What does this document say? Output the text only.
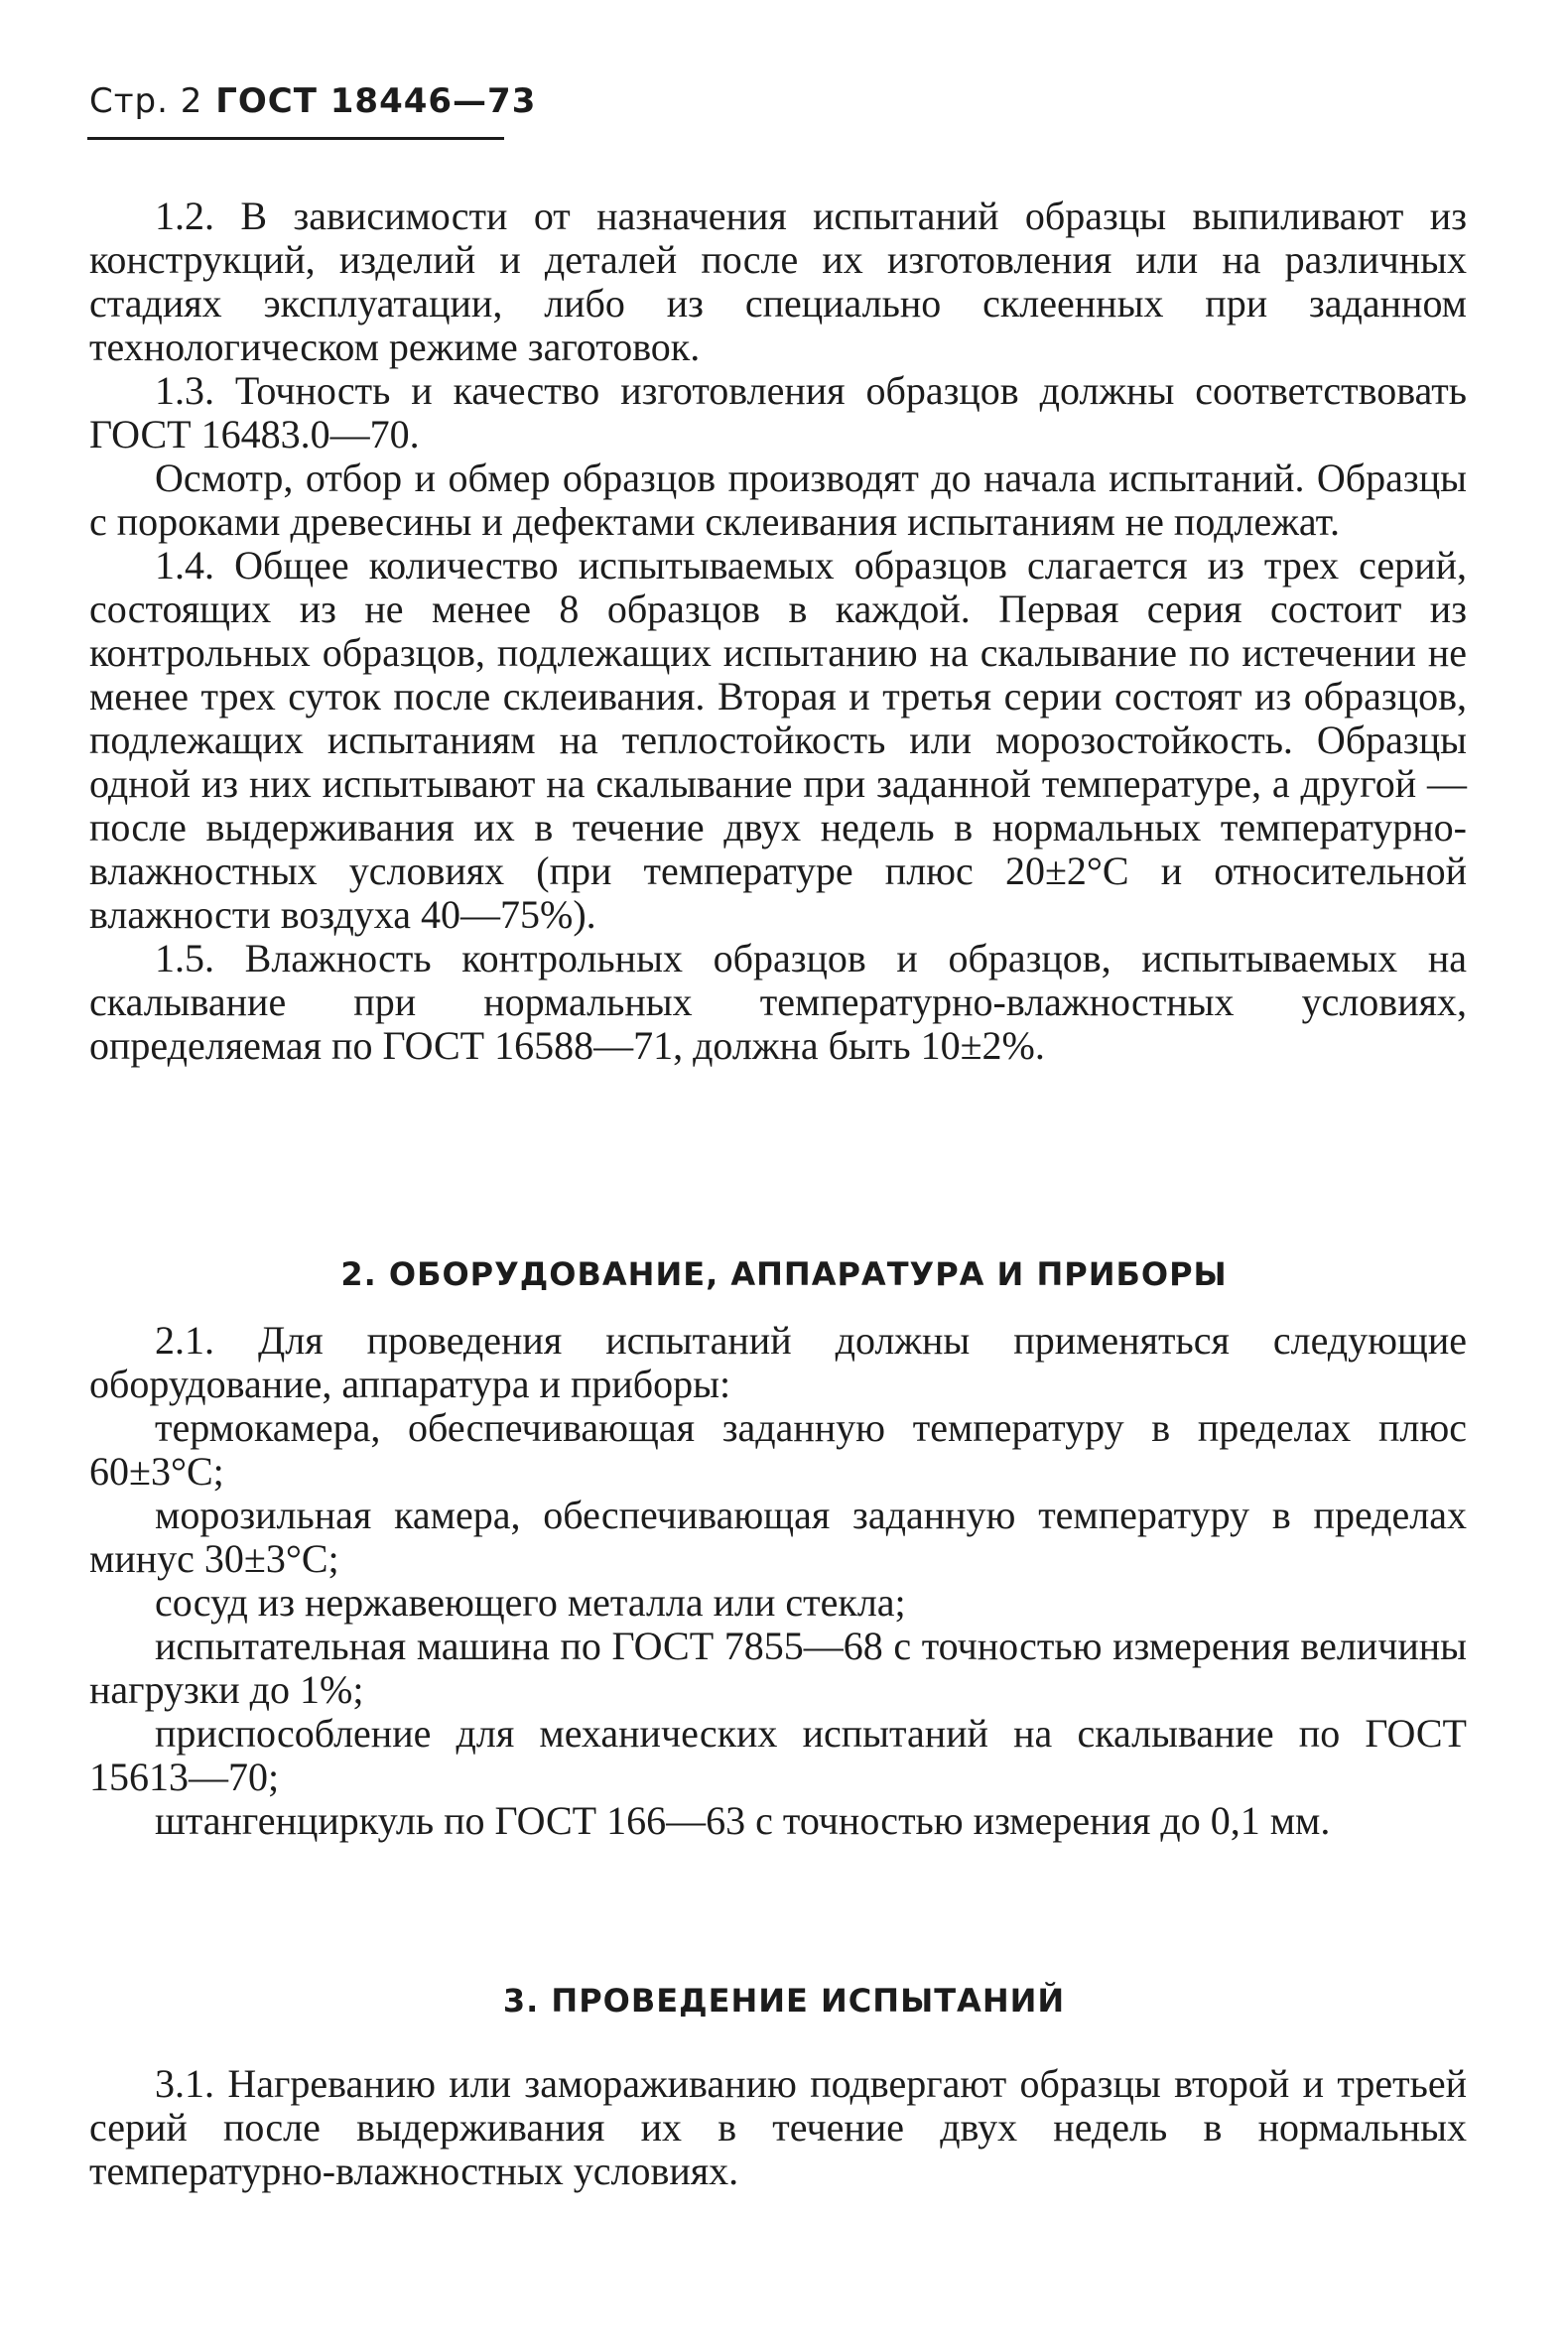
Стр. 2 ГОСТ 18446—73

1.2. В зависимости от назначения испытаний образцы выпиливают из конструкций, изделий и деталей после их изготовления или на различных стадиях эксплуатации, либо из специально склеенных при заданном технологическом режиме заготовок.

1.3. Точность и качество изготовления образцов должны соответствовать ГОСТ 16483.0—70.

Осмотр, отбор и обмер образцов производят до начала испытаний. Образцы с пороками древесины и дефектами склеивания испытаниям не подлежат.

1.4. Общее количество испытываемых образцов слагается из трех серий, состоящих из не менее 8 образцов в каждой. Первая серия состоит из контрольных образцов, подлежащих испытанию на скалывание по истечении не менее трех суток после склеивания. Вторая и третья серии состоят из образцов, подлежащих испытаниям на теплостойкость или морозостойкость. Образцы одной из них испытывают на скалывание при заданной температуре, а другой — после выдерживания их в течение двух недель в нормальных температурно-влажностных условиях (при температуре плюс 20±2°С и относительной влажности воздуха 40—75%).

1.5. Влажность контрольных образцов и образцов, испытываемых на скалывание при нормальных температурно-влажностных условиях, определяемая по ГОСТ 16588—71, должна быть 10±2%.

2. ОБОРУДОВАНИЕ, АППАРАТУРА И ПРИБОРЫ

2.1. Для проведения испытаний должны применяться следующие оборудование, аппаратура и приборы:

термокамера, обеспечивающая заданную температуру в пределах плюс 60±3°С;

морозильная камера, обеспечивающая заданную температуру в пределах минус 30±3°С;

сосуд из нержавеющего металла или стекла;

испытательная машина по ГОСТ 7855—68 с точностью измерения величины нагрузки до 1%;

приспособление для механических испытаний на скалывание по ГОСТ 15613—70;

штангенциркуль по ГОСТ 166—63 с точностью измерения до 0,1 мм.

3. ПРОВЕДЕНИЕ ИСПЫТАНИЙ

3.1. Нагреванию или замораживанию подвергают образцы второй и третьей серий после выдерживания их в течение двух недель в нормальных температурно-влажностных условиях.
